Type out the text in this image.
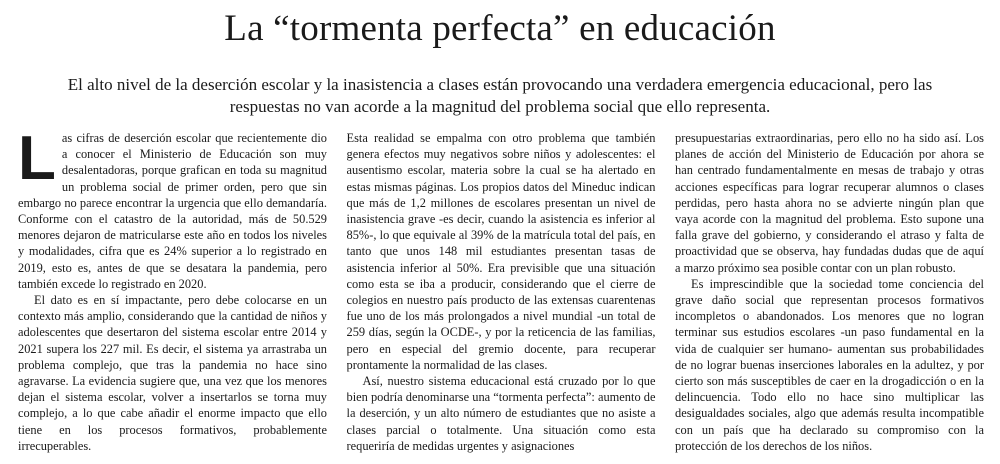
La “tormenta perfecta” en educación

El alto nivel de la deserción escolar y la inasistencia a clases están provocando una verdadera emergencia educacional, pero las respuestas no van acorde a la magnitud del problema social que ello representa.

Las cifras de deserción escolar que recientemente dio a conocer el Ministerio de Educación son muy desalentadoras, porque grafican en toda su magnitud un problema social de primer orden, pero que sin embargo no parece encontrar la urgencia que ello demandaría. Conforme con el catastro de la autoridad, más de 50.529 menores dejaron de matricularse este año en todos los niveles y modalidades, cifra que es 24% superior a lo registrado en 2019, esto es, antes de que se desatara la pandemia, pero también excede lo registrado en 2020.

El dato es en sí impactante, pero debe colocarse en un contexto más amplio, considerando que la cantidad de niños y adolescentes que desertaron del sistema escolar entre 2014 y 2021 supera los 227 mil. Es decir, el sistema ya arrastraba un problema complejo, que tras la pandemia no hace sino agravarse. La evidencia sugiere que, una vez que los menores dejan el sistema escolar, volver a insertarlos se torna muy complejo, a lo que cabe añadir el enorme impacto que ello tiene en los procesos formativos, probablemente irrecuperables.

Esta realidad se empalma con otro problema que también genera efectos muy negativos sobre niños y adolescentes: el ausentismo escolar, materia sobre la cual se ha alertado en estas mismas páginas. Los propios datos del Mineduc indican que más de 1,2 millones de escolares presentan un nivel de inasistencia grave -es decir, cuando la asistencia es inferior al 85%-, lo que equivale al 39% de la matrícula total del país, en tanto que unos 148 mil estudiantes presentan tasas de asistencia inferior al 50%. Era previsible que una situación como esta se iba a producir, considerando que el cierre de colegios en nuestro país producto de las extensas cuarentenas fue uno de los más prolongados a nivel mundial -un total de 259 días, según la OCDE-, y por la reticencia de las familias, pero en especial del gremio docente, para recuperar prontamente la normalidad de las clases.

Así, nuestro sistema educacional está cruzado por lo que bien podría denominarse una “tormenta perfecta”: aumento de la deserción, y un alto número de estudiantes que no asiste a clases parcial o totalmente. Una situación como esta requeriría de medidas urgentes y asignaciones

presupuestarias extraordinarias, pero ello no ha sido así. Los planes de acción del Ministerio de Educación por ahora se han centrado fundamentalmente en mesas de trabajo y otras acciones específicas para lograr recuperar alumnos o clases perdidas, pero hasta ahora no se advierte ningún plan que vaya acorde con la magnitud del problema. Esto supone una falla grave del gobierno, y considerando el atraso y falta de proactividad que se observa, hay fundadas dudas que de aquí a marzo próximo sea posible contar con un plan robusto.

Es imprescindible que la sociedad tome conciencia del grave daño social que representan procesos formativos incompletos o abandonados. Los menores que no logran terminar sus estudios escolares -un paso fundamental en la vida de cualquier ser humano- aumentan sus probabilidades de no lograr buenas inserciones laborales en la adultez, y por cierto son más susceptibles de caer en la drogadicción o en la delincuencia. Todo ello no hace sino multiplicar las desigualdades sociales, algo que además resulta incompatible con un país que ha declarado su compromiso con la protección de los derechos de los niños.
